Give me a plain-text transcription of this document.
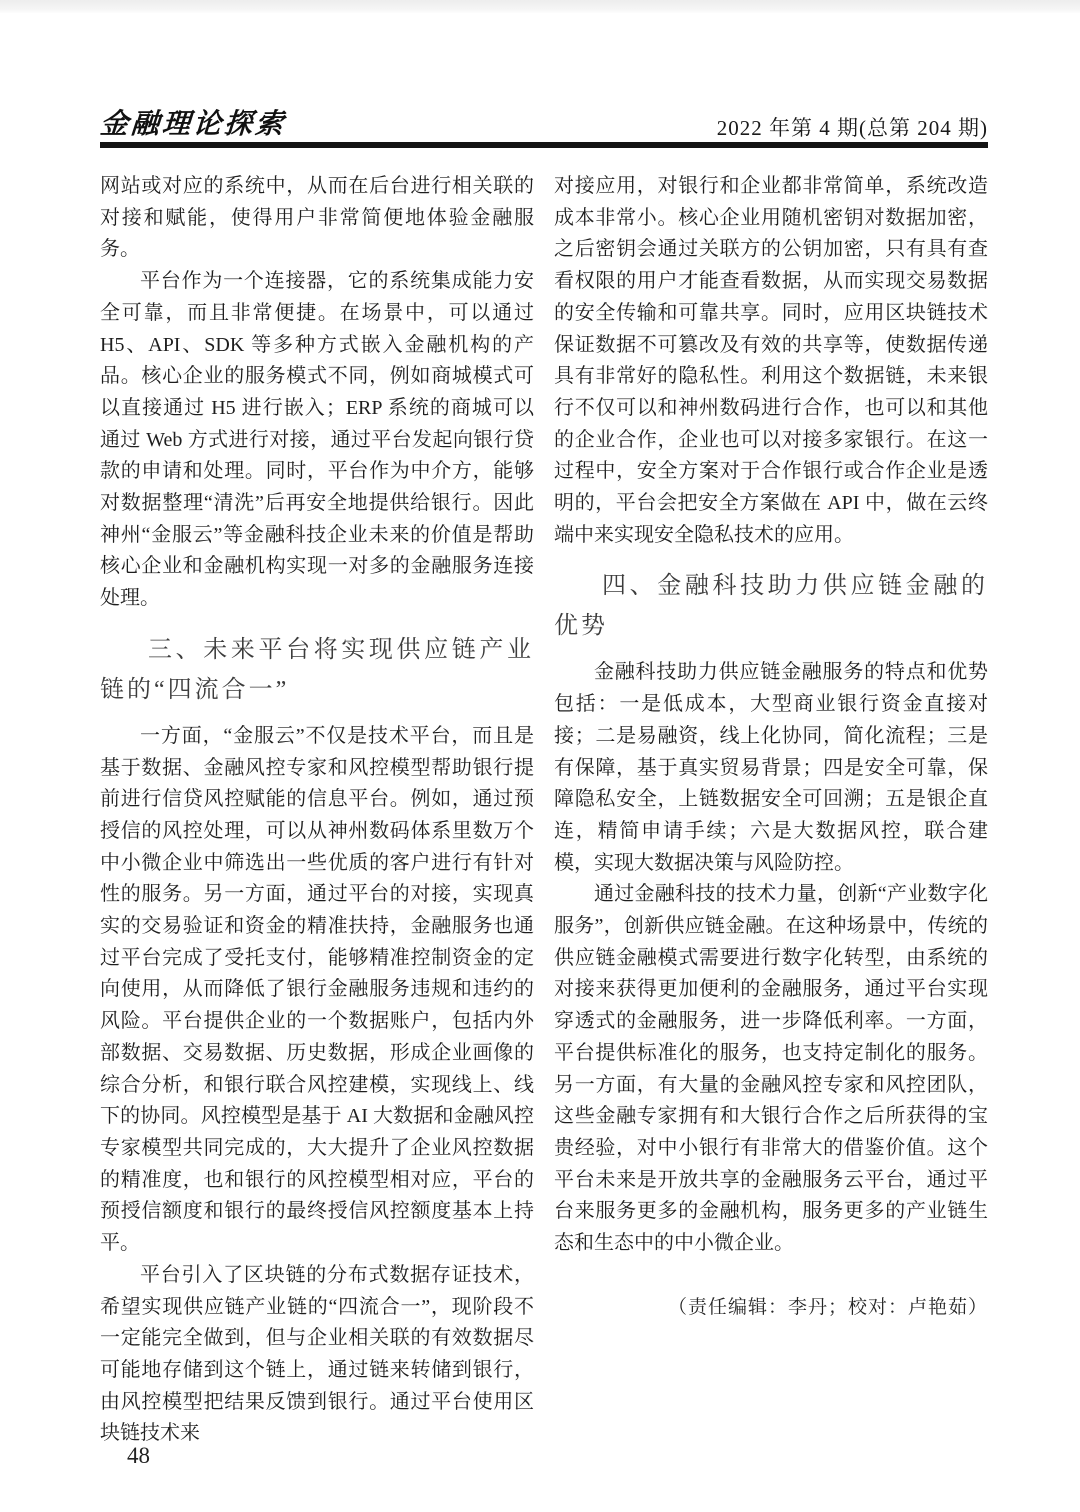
金融理论探索	2022 年第 4 期(总第 204 期)

网站或对应的系统中，从而在后台进行相关联的对接和赋能，使得用户非常简便地体验金融服务。

平台作为一个连接器，它的系统集成能力安全可靠，而且非常便捷。在场景中，可以通过 H5、API、SDK 等多种方式嵌入金融机构的产品。核心企业的服务模式不同，例如商城模式可以直接通过 H5 进行嵌入；ERP 系统的商城可以通过 Web 方式进行对接，通过平台发起向银行贷款的申请和处理。同时，平台作为中介方，能够对数据整理“清洗”后再安全地提供给银行。因此神州“金服云”等金融科技企业未来的价值是帮助核心企业和金融机构实现一对多的金融服务连接处理。

三、未来平台将实现供应链产业链的“四流合一”

一方面，“金服云”不仅是技术平台，而且是基于数据、金融风控专家和风控模型帮助银行提前进行信贷风控赋能的信息平台。例如，通过预授信的风控处理，可以从神州数码体系里数万个中小微企业中筛选出一些优质的客户进行有针对性的服务。另一方面，通过平台的对接，实现真实的交易验证和资金的精准扶持，金融服务也通过平台完成了受托支付，能够精准控制资金的定向使用，从而降低了银行金融服务违规和违约的风险。平台提供企业的一个数据账户，包括内外部数据、交易数据、历史数据，形成企业画像的综合分析，和银行联合风控建模，实现线上、线下的协同。风控模型是基于 AI 大数据和金融风控专家模型共同完成的，大大提升了企业风控数据的精准度，也和银行的风控模型相对应，平台的预授信额度和银行的最终授信风控额度基本上持平。

平台引入了区块链的分布式数据存证技术，希望实现供应链产业链的“四流合一”，现阶段不一定能完全做到，但与企业相关联的有效数据尽可能地存储到这个链上，通过链来转储到银行，由风控模型把结果反馈到银行。通过平台使用区块链技术来

对接应用，对银行和企业都非常简单，系统改造成本非常小。核心企业用随机密钥对数据加密，之后密钥会通过关联方的公钥加密，只有具有查看权限的用户才能查看数据，从而实现交易数据的安全传输和可靠共享。同时，应用区块链技术保证数据不可篡改及有效的共享等，使数据传递具有非常好的隐私性。利用这个数据链，未来银行不仅可以和神州数码进行合作，也可以和其他的企业合作，企业也可以对接多家银行。在这一过程中，安全方案对于合作银行或合作企业是透明的，平台会把安全方案做在 API 中，做在云终端中来实现安全隐私技术的应用。

四、金融科技助力供应链金融的优势

金融科技助力供应链金融服务的特点和优势包括：一是低成本，大型商业银行资金直接对接；二是易融资，线上化协同，简化流程；三是有保障，基于真实贸易背景；四是安全可靠，保障隐私安全，上链数据安全可回溯；五是银企直连，精简申请手续；六是大数据风控，联合建模，实现大数据决策与风险防控。

通过金融科技的技术力量，创新“产业数字化服务”，创新供应链金融。在这种场景中，传统的供应链金融模式需要进行数字化转型，由系统的对接来获得更加便利的金融服务，通过平台实现穿透式的金融服务，进一步降低利率。一方面，平台提供标准化的服务，也支持定制化的服务。另一方面，有大量的金融风控专家和风控团队，这些金融专家拥有和大银行合作之后所获得的宝贵经验，对中小银行有非常大的借鉴价值。这个平台未来是开放共享的金融服务云平台，通过平台来服务更多的金融机构，服务更多的产业链生态和生态中的中小微企业。

（责任编辑：李丹；校对：卢艳茹）

48
